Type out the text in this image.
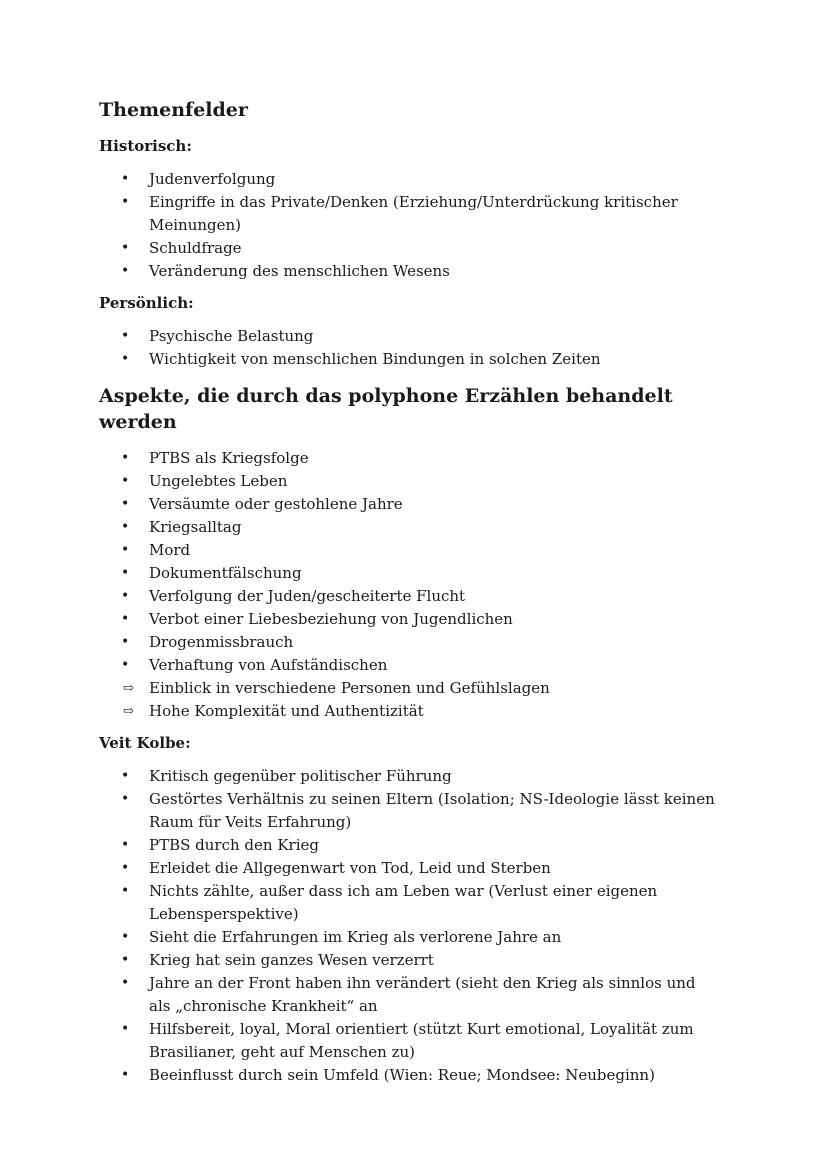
Themenfelder
Historisch:
•	Judenverfolgung
•	Eingriffe in das Private/Denken (Erziehung/Unterdrückung kritischer Meinungen)
•	Schuldfrage
•	Veränderung des menschlichen Wesens
Persönlich:
•	Psychische Belastung
•	Wichtigkeit von menschlichen Bindungen in solchen Zeiten
Aspekte, die durch das polyphone Erzählen behandelt werden
•	PTBS als Kriegsfolge
•	Ungelebtes Leben
•	Versäumte oder gestohlene Jahre
•	Kriegsalltag
•	Mord
•	Dokumentfälschung
•	Verfolgung der Juden/gescheiterte Flucht
•	Verbot einer Liebesbeziehung von Jugendlichen
•	Drogenmissbrauch
•	Verhaftung von Aufständischen
⇨	Einblick in verschiedene Personen und Gefühlslagen
⇨	Hohe Komplexität und Authentizität
Veit Kolbe:
•	Kritisch gegenüber politischer Führung
•	Gestörtes Verhältnis zu seinen Eltern (Isolation; NS-Ideologie lässt keinen Raum für Veits Erfahrung)
•	PTBS durch den Krieg
•	Erleidet die Allgegenwart von Tod, Leid und Sterben
•	Nichts zählte, außer dass ich am Leben war (Verlust einer eigenen Lebensperspektive)
•	Sieht die Erfahrungen im Krieg als verlorene Jahre an
•	Krieg hat sein ganzes Wesen verzerrt
•	Jahre an der Front haben ihn verändert (sieht den Krieg als sinnlos und als „chronische Krankheit“ an
•	Hilfsbereit, loyal, Moral orientiert (stützt Kurt emotional, Loyalität zum Brasilianer, geht auf Menschen zu)
•	Beeinflusst durch sein Umfeld (Wien: Reue; Mondsee: Neubeginn)
